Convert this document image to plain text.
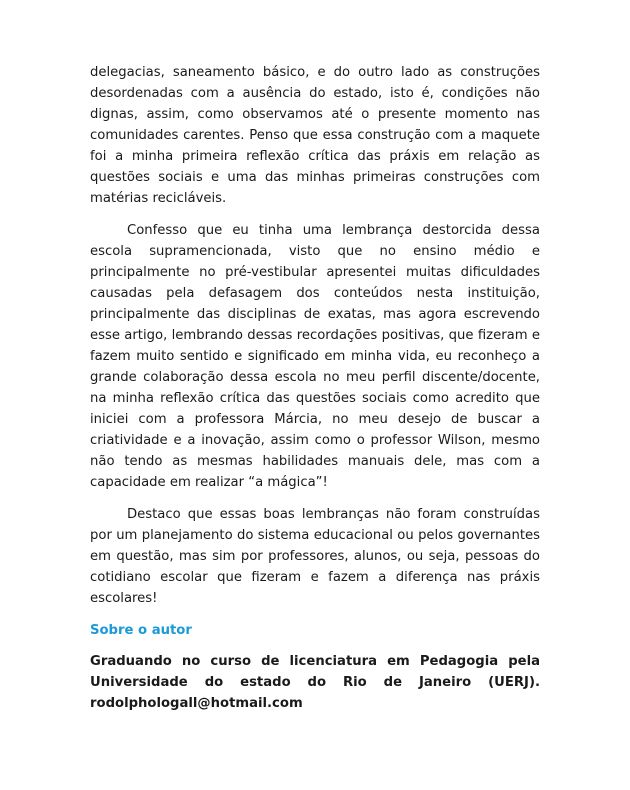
delegacias, saneamento básico, e do outro lado as construções desordenadas com a ausência do estado, isto é, condições não dignas, assim, como observamos até o presente momento nas comunidades carentes. Penso que essa construção com a maquete foi a minha primeira reflexão crítica das práxis em relação as questões sociais e uma das minhas primeiras construções com matérias recicláveis.

Confesso que eu tinha uma lembrança destorcida dessa escola supramencionada, visto que no ensino médio e principalmente no pré-vestibular apresentei muitas dificuldades causadas pela defasagem dos conteúdos nesta instituição, principalmente das disciplinas de exatas, mas agora escrevendo esse artigo, lembrando dessas recordações positivas, que fizeram e fazem muito sentido e significado em minha vida, eu reconheço a grande colaboração dessa escola no meu perfil discente/docente, na minha reflexão crítica das questões sociais como acredito que iniciei com a professora Márcia, no meu desejo de buscar a criatividade e a inovação, assim como o professor Wilson, mesmo não tendo as mesmas habilidades manuais dele, mas com a capacidade em realizar “a mágica”!

Destaco que essas boas lembranças não foram construídas por um planejamento do sistema educacional ou pelos governantes em questão, mas sim por professores, alunos, ou seja, pessoas do cotidiano escolar que fizeram e fazem a diferença nas práxis escolares!

Sobre o autor

Graduando no curso de licenciatura em Pedagogia pela Universidade do estado do Rio de Janeiro (UERJ). rodolphologall@hotmail.com
